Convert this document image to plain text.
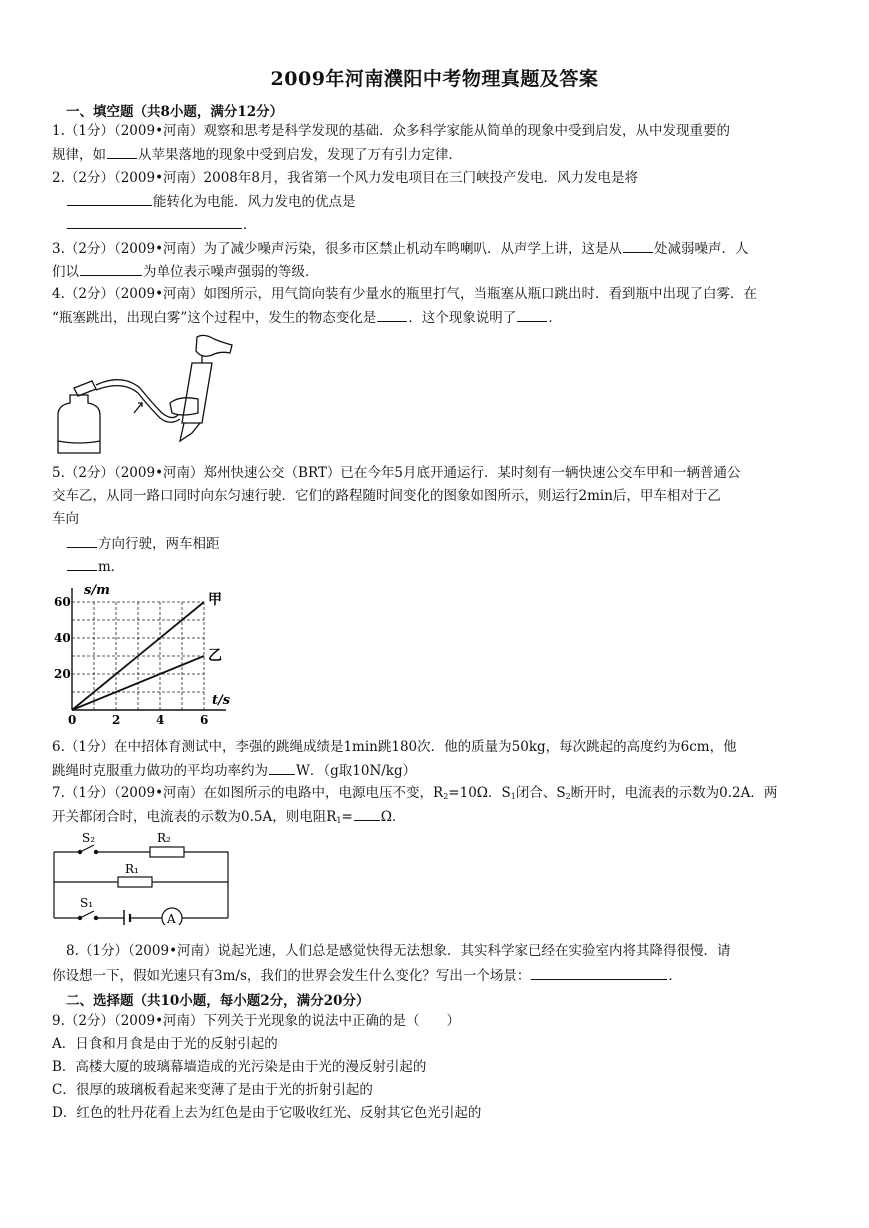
2009年河南濮阳中考物理真题及答案
一、填空题（共8小题，满分12分）
1.（1分）（2009•河南）观察和思考是科学发现的基础．众多科学家能从简单的现象中受到启发，从中发现重要的
规律，如 从苹果落地的现象中受到启发，发现了万有引力定律．
2.（2分）（2009•河南）2008年8月，我省第一个风力发电项目在三门峡投产发电．风力发电是将
能转化为电能．风力发电的优点是
．
3.（2分）（2009•河南）为了减少噪声污染，很多市区禁止机动车鸣喇叭．从声学上讲，这是从 处减弱噪声．人
们以	为单位表示噪声强弱的等级．
4.（2分）（2009•河南）如图所示，用气筒向装有少量水的瓶里打气，当瓶塞从瓶口跳出时．看到瓶中出现了白雾．在
“瓶塞跳出，出现白雾”这个过程中，发生的物态变化是 ．这个现象说明了 ．
5.（2分）（2009•河南）郑州快速公交（BRT）已在今年5月底开通运行．某时刻有一辆快速公交车甲和一辆普通公
交车乙，从同一路口同时向东匀速行驶．它们的路程随时间变化的图象如图所示，则运行2min后，甲车相对于乙
车向
方向行驶，两车相距
m．
0	2	4	6
20
40
60
s/m
t/s
甲
乙
6.（1分）在中招体育测试中，李强的跳绳成绩是1min跳180次．他的质量为50kg，每次跳起的高度约为6cm，他
跳绳时克服重力做功的平均功率约为 W．（g取10N/kg）
7.（1分）（2009•河南）在如图所示的电路中，电源电压不变，$R_2=10\Omega$．$S_1$闭合、$S_2$断开时，电流表的示数为0.2A．两
开关都闭合时，电流表的示数为0.5A，则电阻$R_1= \Omega$．
S₂	R₂
R₁
S₁
A
8.（1分）（2009•河南）说起光速，人们总是感觉快得无法想象．其实科学家已经在实验室内将其降得很慢．请
你设想一下，假如光速只有3m/s，我们的世界会发生什么变化？写出一个场景：	．
二、选择题（共10小题，每小题2分，满分20分）
9.（2分）（2009•河南）下列关于光现象的说法中正确的是（　　）
A．日食和月食是由于光的反射引起的
B．高楼大厦的玻璃幕墙造成的光污染是由于光的漫反射引起的
C．很厚的玻璃板看起来变薄了是由于光的折射引起的
D．红色的牡丹花看上去为红色是由于它吸收红光、反射其它色光引起的
